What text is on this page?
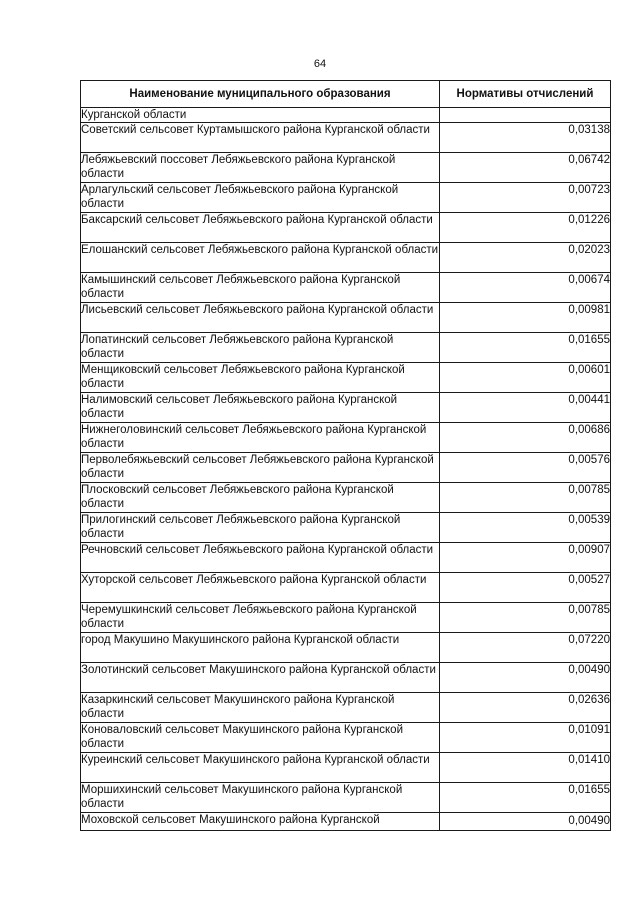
64
Наименование муниципального образования	Нормативы отчислений
Курганской области	
Советский сельсовет Куртамышского района Курганской области	0,03138
Лебяжьевский поссовет Лебяжьевского района Курганской области	0,06742
Арлагульский сельсовет Лебяжьевского района Курганской области	0,00723
Баксарский сельсовет Лебяжьевского района Курганской области	0,01226
Елошанский сельсовет Лебяжьевского района Курганской области	0,02023
Камышинский сельсовет Лебяжьевского района Курганской области	0,00674
Лисьевский сельсовет Лебяжьевского района Курганской области	0,00981
Лопатинский сельсовет Лебяжьевского района Курганской области	0,01655
Менщиковский сельсовет Лебяжьевского района Курганской области	0,00601
Налимовский сельсовет Лебяжьевского района Курганской области	0,00441
Нижнеголовинский сельсовет Лебяжьевского района Курганской области	0,00686
Перволебяжьевский сельсовет Лебяжьевского района Курганской области	0,00576
Плосковский сельсовет Лебяжьевского района Курганской области	0,00785
Прилогинский сельсовет Лебяжьевского района Курганской области	0,00539
Речновский сельсовет Лебяжьевского района Курганской области	0,00907
Хуторской сельсовет Лебяжьевского района Курганской области	0,00527
Черемушкинский сельсовет Лебяжьевского района Курганской области	0,00785
город Макушино Макушинского района Курганской области	0,07220
Золотинский сельсовет Макушинского района Курганской области	0,00490
Казаркинский сельсовет Макушинского района Курганской области	0,02636
Коноваловский сельсовет Макушинского района Курганской области	0,01091
Куреинский сельсовет Макушинского района Курганской области	0,01410
Моршихинский сельсовет Макушинского района Курганской области	0,01655
Моховской сельсовет Макушинского района Курганской	0,00490
